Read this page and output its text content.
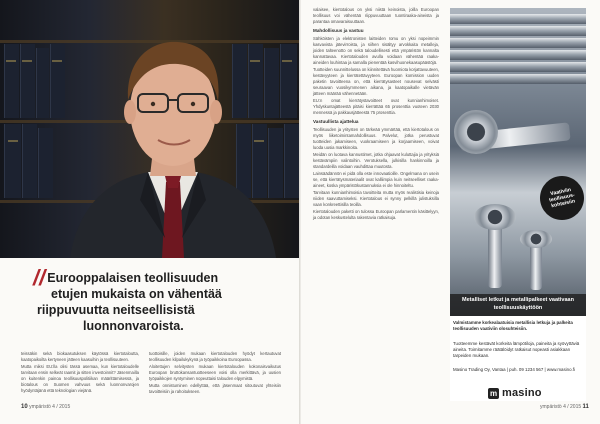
// Eurooppalaisen teollisuuden
etujen mukaista on vähentää
riippuvuutta neitseellisistä
luonnonvaroista.

teissäkin sekä biokaasutuksen käytössä kiertotaloutta, kaatopaikoilta kertyneen jätteen kaasuihin ja teollisuuteen.

Mutta miksi EU:lla olisi tässä asemaa, kun kiertotaloudelle tarvitaan ensin selkeät raamit ja sitten investoinnit? Jäsenmailla on kuitenkin painoa teollisuuspolitiikan määrittämisessä, ja biotalous on Suomen vahvuus sekä luonnonvarojen hyödyntäjänä että teknologian viejänä.

tuottoisille, joiden mukaan kiertotalouden hyödyt kertautuvat teollisuuden kilpailukykynä ja työpaikkoina Euroopassa.

Aloitettujen selvitysten mukaan kiertotalouden kokonaisvaikutus Euroopan bruttokansantuotteeseen voisi olla merkittävä, ja uusien työpaikkojen syntyminen nopeuttaisi talouden elpymistä.

Mutta onnistuminen edellyttää, että jäsenmaat sitoutuvat yhteisiin tavoitteisiin ja rahoitukseen.

10 ympäristö 4 / 2015

valaisee, kiertotalous on yksi niistä keinoista, joilla Euroopan teollisuus voi vähentää riippuvuuttaan tuontiraaka-aineista ja parantaa omavaraisuuttaan.

Mahdollisuus ja vastuu

Sähköisten ja elektronisten laitteiden romu on yksi nopeimmin kasvavista jätevirroista, ja siihen sisältyy arvokkaita metalleja, joiden talteenotto on sekä taloudellisesti että ympäristön kannalta kannattavaa. Kiertotalouden avulla voidaan vähentää raaka-aineiden louhintaa ja samalla pienentää kasvihuonekaasupäästöjä.

Tuotteiden suunnittelussa on kiinnitettävä huomiota korjattavuuteen, kestävyyteen ja kierrätettävyyteen. Euroopan komission uuden paketin tavoitteena on, että kierrätysasteet nousevat selvästi seuraavan vuosikymmenen aikana, ja kaatopaikalle vietävän jätteen määrää vähennetään.

EU:n omat kierrätystavoitteet ovat kunnianhimoiset. Yhdyskuntajätteestä pitäisi kierrättää 65 prosenttia vuoteen 2030 mennessä ja pakkausjätteestä 75 prosenttia.

Vastuullista ajattelua

Teollisuuden ja yritysten on tärkeää ymmärtää, että kiertotalous on myös liiketoimintamahdollisuus. Palvelut, jotka perustuvat tuotteiden jakamiseen, vuokraamiseen ja korjaamiseen, voivat luoda uusia markkinoita.

Meidän on luotava kannustimet, jotka ohjaavat kuluttajia ja yrityksiä kestävämpiin valintoihin. Verotuksella, julkisilla hankinnoilla ja standardeilla voidaan vauhdittaa muutosta.

Lainsäädännön ei pidä olla este innovaatioille. Ongelmana on usein se, että kierrätysmateriaalit ovat kalliimpia kuin neitseelliset raaka-aineet, koska ympäristökustannuksia ei ole hinnoiteltu.

Tarvitaan kunnianhimoisia tavoitteita mutta myös realistisia keinoja niiden saavuttamiseksi. Kiertotalous ei synny pelkillä julistuksilla vaan konkreettisilla teoilla.

Kiertotalouden paketti on tulossa Euroopan parlamentin käsittelyyn, ja odotan keskustelulta rakentavia ratkaisuja.

Vaativiin teollisuus-kohteisiin
Metalliset letkut ja metallipalkeet vaativaan teollisuuskäyttöön
Valmistamme korkealaatuisia metallisia letkuja ja palkeita teollisuuden vaativiin olosuhteisiin.
Tuotteemme kestävät korkeita lämpötiloja, paineita ja syövyttäviä aineita. Toimitamme räätälöidyt ratkaisut nopeasti asiakkaan tarpeiden mukaan.
Masino Trading Oy, Vantaa | puh. 09 1234 567 | www.masino.fi
m masino
ympäristö 4 / 2015 11
